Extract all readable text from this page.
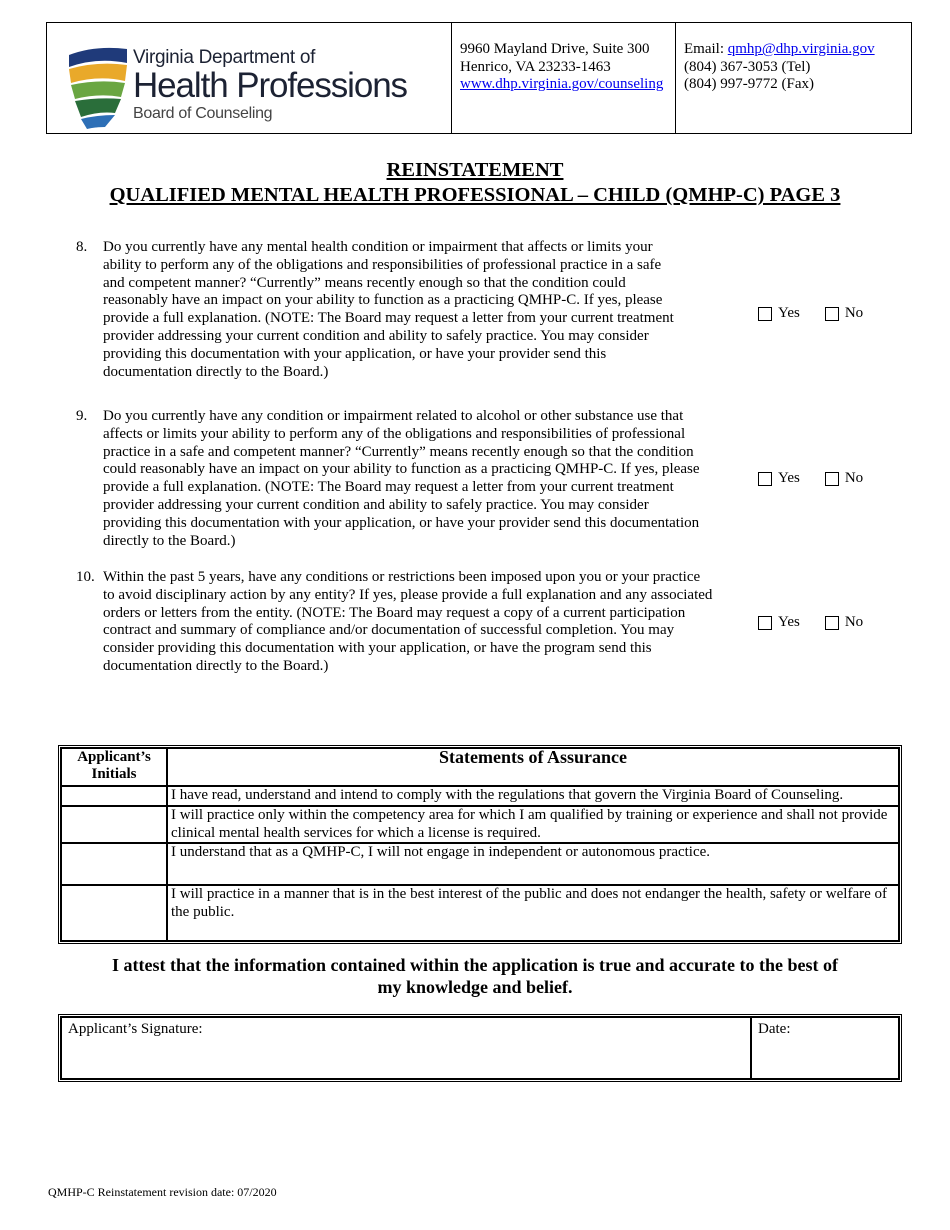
Virginia Department of
Health Professions
Board of Counseling
9960 Mayland Drive, Suite 300
Henrico, VA 23233-1463
www.dhp.virginia.gov/counseling
Email: qmhp@dhp.virginia.gov
(804) 367-3053 (Tel)
(804) 997-9772 (Fax)
REINSTATEMENT
QUALIFIED MENTAL HEALTH PROFESSIONAL – CHILD (QMHP-C) PAGE 3
8. Do you currently have any mental health condition or impairment that affects or limits your
ability to perform any of the obligations and responsibilities of professional practice in a safe
and competent manner? “Currently” means recently enough so that the condition could
reasonably have an impact on your ability to function as a practicing QMHP-C. If yes, please
provide a full explanation. (NOTE: The Board may request a letter from your current treatment
provider addressing your current condition and ability to safely practice. You may consider
providing this documentation with your application, or have your provider send this
documentation directly to the Board.)
Yes	No
9. Do you currently have any condition or impairment related to alcohol or other substance use that
affects or limits your ability to perform any of the obligations and responsibilities of professional
practice in a safe and competent manner? “Currently” means recently enough so that the condition
could reasonably have an impact on your ability to function as a practicing QMHP-C. If yes, please
provide a full explanation. (NOTE: The Board may request a letter from your current treatment
provider addressing your current condition and ability to safely practice. You may consider
providing this documentation with your application, or have your provider send this documentation
directly to the Board.)
Yes	No
10. Within the past 5 years, have any conditions or restrictions been imposed upon you or your practice
to avoid disciplinary action by any entity? If yes, please provide a full explanation and any associated
orders or letters from the entity. (NOTE: The Board may request a copy of a current participation
contract and summary of compliance and/or documentation of successful completion. You may
consider providing this documentation with your application, or have the program send this
documentation directly to the Board.)
Yes	No
Applicant’s Initials	Statements of Assurance
	I have read, understand and intend to comply with the regulations that govern the Virginia Board of Counseling.
	I will practice only within the competency area for which I am qualified by training or experience and shall not provide clinical mental health services for which a license is required.
	I understand that as a QMHP-C, I will not engage in independent or autonomous practice.
	I will practice in a manner that is in the best interest of the public and does not endanger the health, safety or welfare of the public.
I attest that the information contained within the application is true and accurate to the best of
my knowledge and belief.
Applicant’s Signature:	Date:
QMHP-C Reinstatement revision date: 07/2020
